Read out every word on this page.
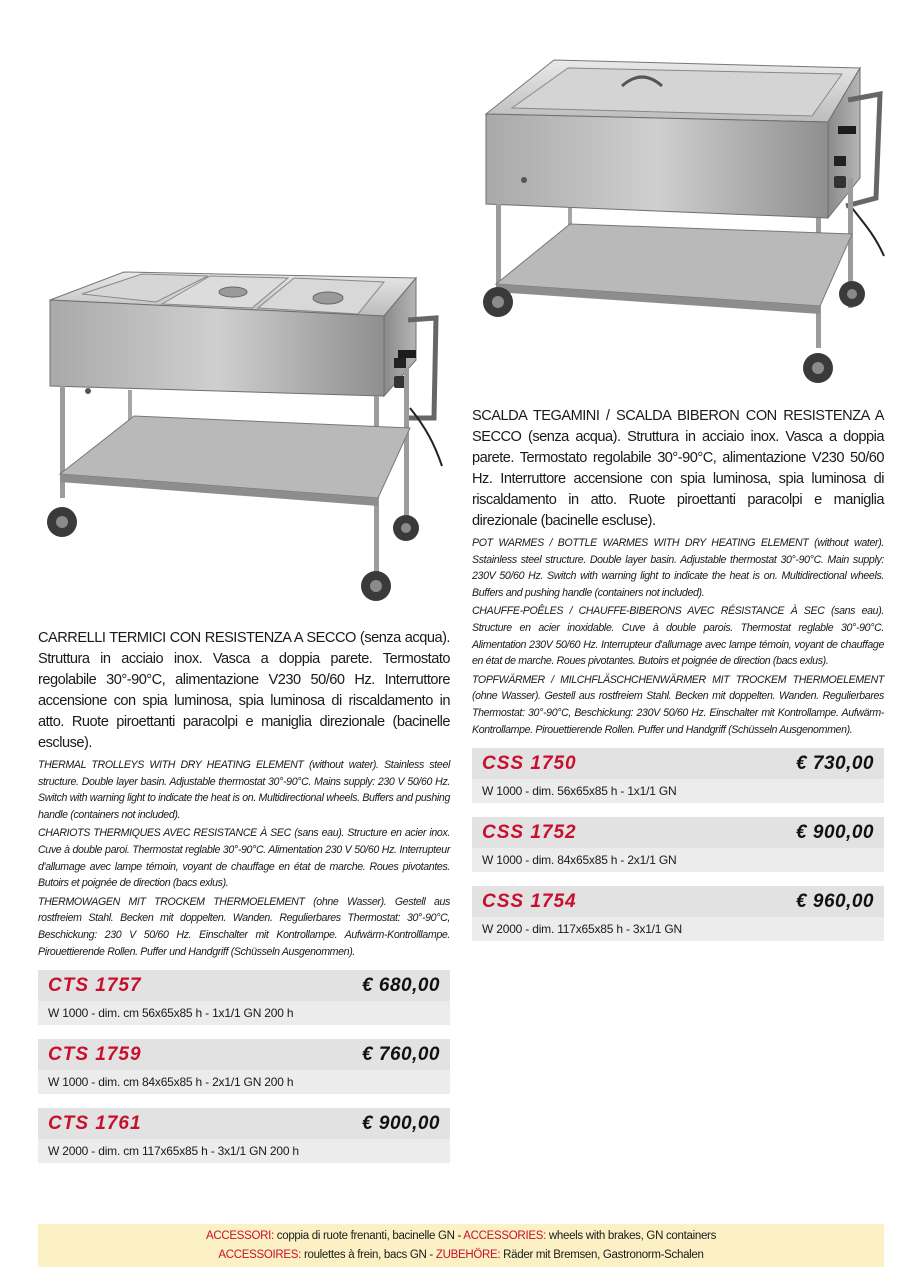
CARRELLI TERMICI CON RESISTENZA A SECCO (senza acqua). Struttura in acciaio inox. Vasca a doppia parete. Termostato regolabile 30°-90°C, alimentazione V230 50/60 Hz. Interruttore accensione con spia luminosa, spia luminosa di riscaldamento in atto. Ruote piroettanti paracolpi e maniglia direzionale (bacinelle escluse).

THERMAL TROLLEYS WITH DRY HEATING ELEMENT (without water). Stainless steel structure. Double layer basin. Adjustable thermostat 30°-90°C. Mains supply: 230 V 50/60 Hz. Switch with warning light to indicate the heat is on. Multidirectional wheels. Buffers and pushing handle (containers not included).

CHARIOTS THERMIQUES AVEC RESISTANCE À SEC (sans eau). Structure en acier inox. Cuve à double paroi. Thermostat reglable 30°-90°C. Alimentation 230 V 50/60 Hz. Interrupteur d'allumage avec lampe témoin, voyant de chauffage en état de marche. Roues pivotantes. Butoirs et poignée de direction (bacs exlus).

THERMOWAGEN MIT TROCKEM THERMOELEMENT (ohne Wasser). Gestell aus rostfreiem Stahl. Becken mit doppelten. Wanden. Regulierbares Thermostat: 30°-90°C, Beschickung: 230 V 50/60 Hz. Einschalter mit Kontrollampe. Aufwärm-Kontrolllampe. Pirouettierende Rollen. Puffer und Handgriff (Schüsseln Ausgenommen).

CTS 1757	€ 680,00
W 1000 - dim. cm 56x65x85 h - 1x1/1 GN 200 h
CTS 1759	€ 760,00
W 1000 - dim. cm 84x65x85 h - 2x1/1 GN 200 h
CTS 1761	€ 900,00
W 2000 - dim. cm 117x65x85 h - 3x1/1 GN 200 h

SCALDA TEGAMINI / SCALDA BIBERON CON RESISTENZA A SECCO (senza acqua). Struttura in acciaio inox. Vasca a doppia parete. Termostato regolabile 30°-90°C, alimentazione V230 50/60 Hz. Interruttore accensione con spia luminosa, spia luminosa di riscaldamento in atto. Ruote piroettanti paracolpi e maniglia direzionale (bacinelle escluse).

POT WARMES / BOTTLE WARMES WITH DRY HEATING ELEMENT (without water). Sstainless steel structure. Double layer basin. Adjustable thermostat 30°-90°C. Main supply: 230V 50/60 Hz. Switch with warning light to indicate the heat is on. Multidirectional wheels. Buffers and pushing handle (containers not included).

CHAUFFE-POÊLES / CHAUFFE-BIBERONS AVEC RÉSISTANCE À SEC (sans eau). Structure en acier inoxidable. Cuve à double parois. Thermostat reglable 30°-90°C. Alimentation 230V 50/60 Hz. Interrupteur d'allumage avec lampe témoin, voyant de chauffage en état de marche. Roues pivotantes. Butoirs et poignée de direction (bacs exlus).

TOPFWÄRMER / MILCHFLÄSCHCHENWÄRMER MIT TROCKEM THERMOELEMENT (ohne Wasser). Gestell aus rostfreiem Stahl. Becken mit doppelten. Wanden. Regulierbares Thermostat: 30°-90°C, Beschickung: 230V 50/60 Hz. Einschalter mit Kontrollampe. Aufwärm-Kontrollampe. Pirouettierende Rollen. Puffer und Handgriff (Schüsseln Ausgenommen).

CSS 1750	€ 730,00
W 1000 - dim. 56x65x85 h - 1x1/1 GN
CSS 1752	€ 900,00
W 1000 - dim. 84x65x85 h - 2x1/1 GN
CSS 1754	€ 960,00
W 2000 - dim. 117x65x85 h - 3x1/1 GN
ACCESSORI: coppia di ruote frenanti, bacinelle GN - ACCESSORIES: wheels with brakes, GN containers
ACCESSOIRES: roulettes à frein, bacs GN - ZUBEHÖRE: Räder mit Bremsen, Gastronorm-Schalen
